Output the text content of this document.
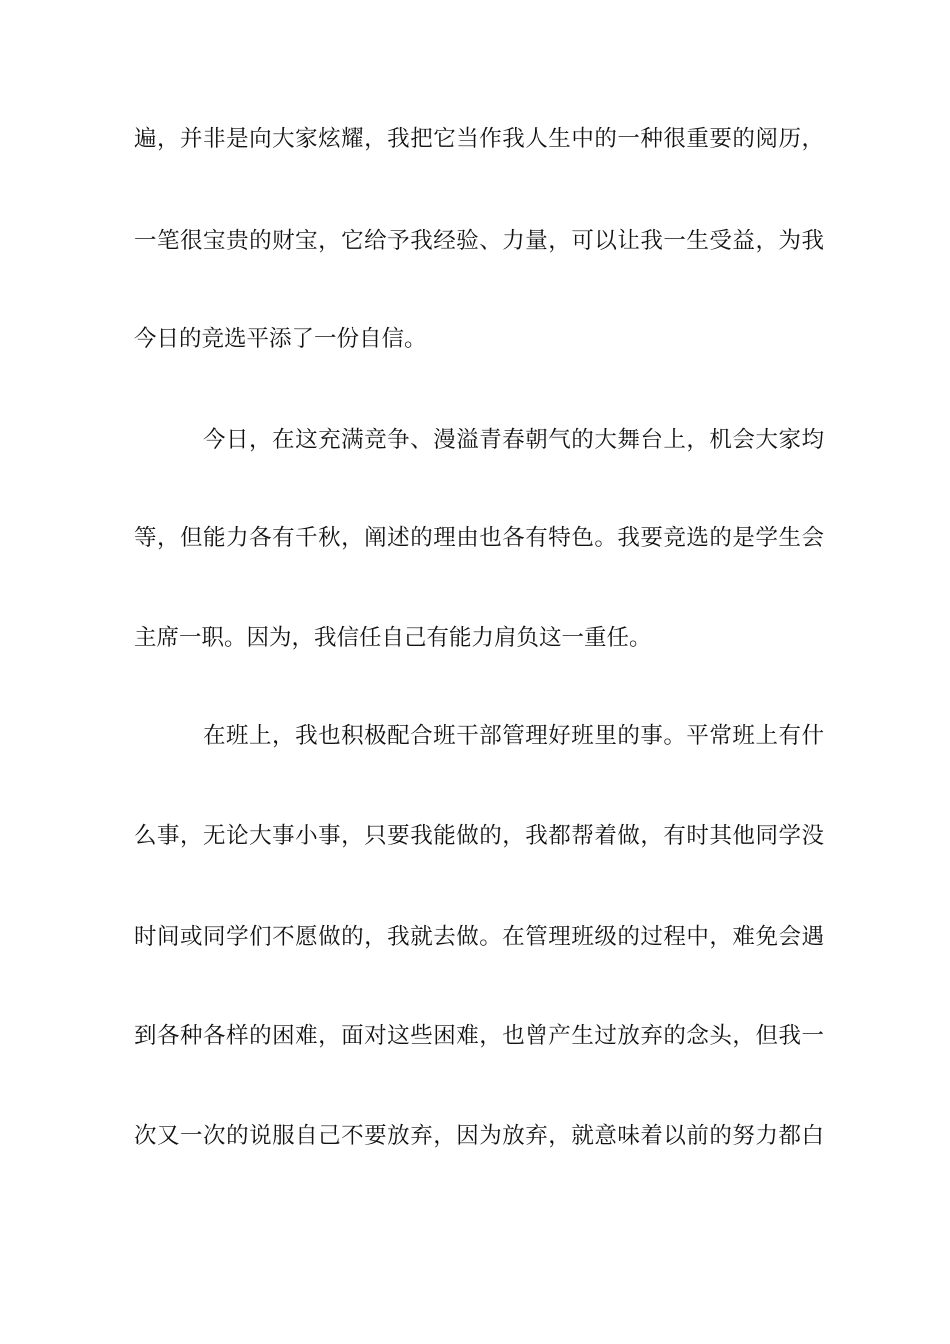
遍，并非是向大家炫耀，我把它当作我人生中的一种很重要的阅历，
一笔很宝贵的财宝，它给予我经验、力量，可以让我一生受益，为我
今日的竞选平添了一份自信。
今日，在这充满竞争、漫溢青春朝气的大舞台上，机会大家均
等，但能力各有千秋，阐述的理由也各有特色。我要竞选的是学生会
主席一职。因为，我信任自己有能力肩负这一重任。
在班上，我也积极配合班干部管理好班里的事。平常班上有什
么事，无论大事小事，只要我能做的，我都帮着做，有时其他同学没
时间或同学们不愿做的，我就去做。在管理班级的过程中，难免会遇
到各种各样的困难，面对这些困难，也曾产生过放弃的念头，但我一
次又一次的说服自己不要放弃，因为放弃，就意味着以前的努力都白
